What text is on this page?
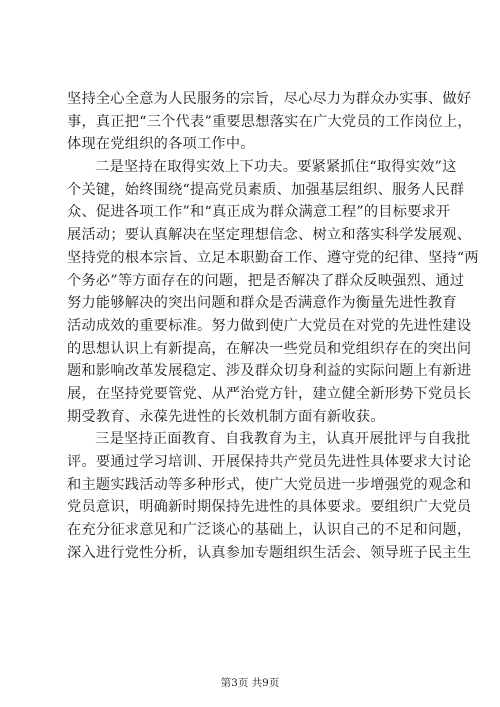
坚持全心全意为人民服务的宗旨，尽心尽力为群众办实事、做好
事，真正把“三个代表”重要思想落实在广大党员的工作岗位上，
体现在党组织的各项工作中。
二是坚持在取得实效上下功夫。要紧紧抓住“取得实效”这
个关键，始终围绕“提高党员素质、加强基层组织、服务人民群
众、促进各项工作”和“真正成为群众满意工程”的目标要求开
展活动；要认真解决在坚定理想信念、树立和落实科学发展观、
坚持党的根本宗旨、立足本职勤奋工作、遵守党的纪律、坚持“两
个务必”等方面存在的问题，把是否解决了群众反映强烈、通过
努力能够解决的突出问题和群众是否满意作为衡量先进性教育
活动成效的重要标准。努力做到使广大党员在对党的先进性建设
的思想认识上有新提高，在解决一些党员和党组织存在的突出问
题和影响改革发展稳定、涉及群众切身利益的实际问题上有新进
展，在坚持党要管党、从严治党方针，建立健全新形势下党员长
期受教育、永葆先进性的长效机制方面有新收获。
三是坚持正面教育、自我教育为主，认真开展批评与自我批
评。要通过学习培训、开展保持共产党员先进性具体要求大讨论
和主题实践活动等多种形式，使广大党员进一步增强党的观念和
党员意识，明确新时期保持先进性的具体要求。要组织广大党员
在充分征求意见和广泛谈心的基础上，认识自己的不足和问题，
深入进行党性分析，认真参加专题组织生活会、领导班子民主生
第3页 共9页
